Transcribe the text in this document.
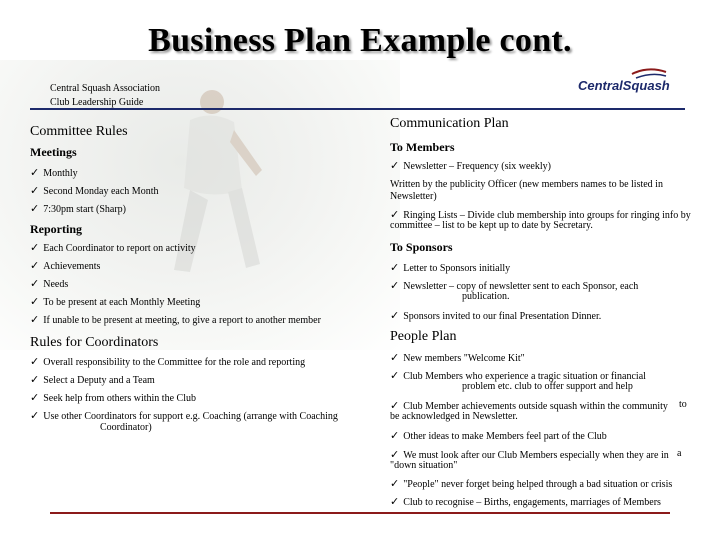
Business Plan Example cont.
Central Squash Association
Club Leadership Guide
CentralSquash
Committee Rules
Meetings
✓ Monthly
✓ Second Monday each Month
✓ 7:30pm start (Sharp)
Reporting
✓ Each Coordinator to report on activity
✓ Achievements
✓ Needs
✓ To be present at each Monthly Meeting
✓ If unable to be present at meeting, to give a report to another member
Rules for Coordinators
✓ Overall responsibility to the Committee for the role and reporting
✓ Select a Deputy and a Team
✓ Seek help from others within the Club
✓ Use other Coordinators for support e.g. Coaching (arrange with Coaching
Coordinator)
Communication Plan
To Members
✓ Newsletter – Frequency (six weekly)
Written by the publicity Officer (new members names to be listed in
Newsletter)
✓ Ringing Lists – Divide club membership into groups for ringing info by
committee – list to be kept up to date by Secretary.
To Sponsors
✓ Letter to Sponsors initially
✓ Newsletter – copy of newsletter sent to each Sponsor, each
publication.
✓ Sponsors invited to our final Presentation Dinner.
People Plan
✓ New members "Welcome Kit"
✓ Club Members who experience a tragic situation or financial
problem etc. club to offer support and help
✓ Club Member achievements outside squash within the community to
be acknowledged in Newsletter.
✓ Other ideas to make Members feel part of the Club
✓ We must look after our Club Members especially when they are in a
"down situation"
✓ "People" never forget being helped through a bad situation or crisis
✓ Club to recognise – Births, engagements, marriages of Members
